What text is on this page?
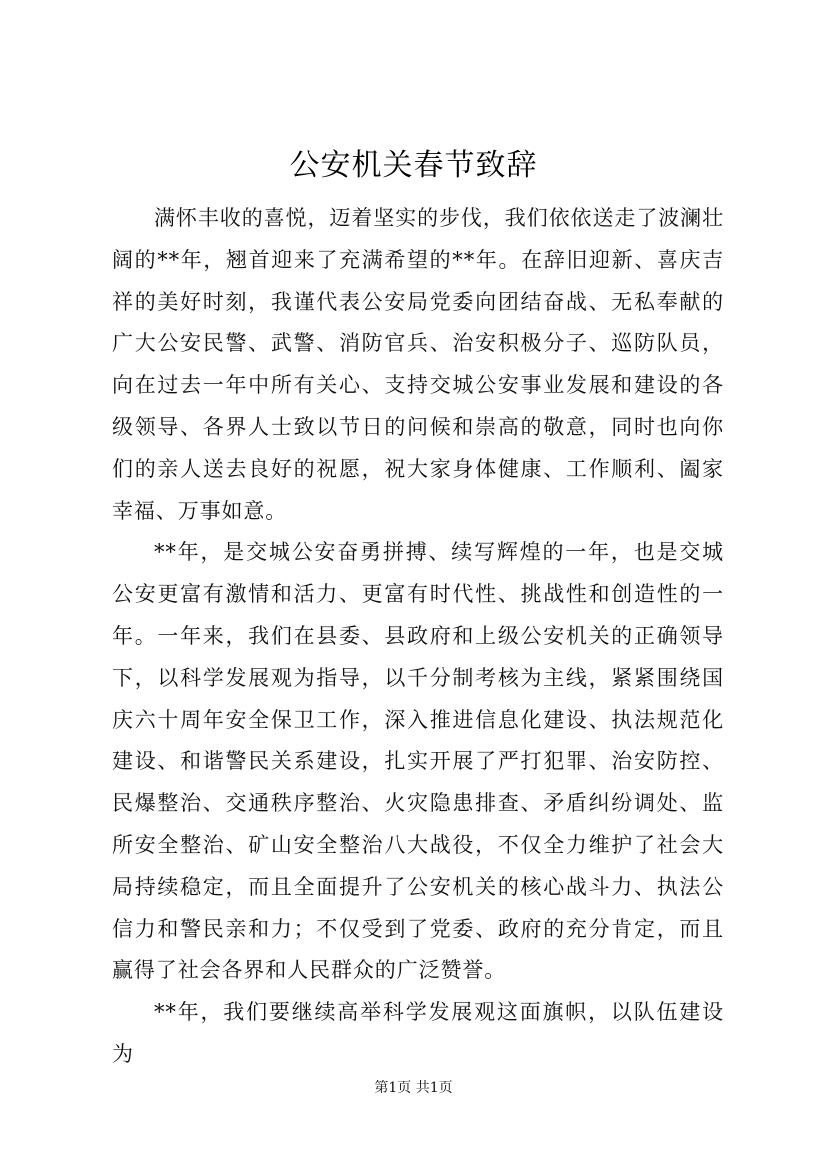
公安机关春节致辞

满怀丰收的喜悦，迈着坚实的步伐，我们依依送走了波澜壮阔的**年，翘首迎来了充满希望的**年。在辞旧迎新、喜庆吉祥的美好时刻，我谨代表公安局党委向团结奋战、无私奉献的广大公安民警、武警、消防官兵、治安积极分子、巡防队员，向在过去一年中所有关心、支持交城公安事业发展和建设的各级领导、各界人士致以节日的问候和崇高的敬意，同时也向你们的亲人送去良好的祝愿，祝大家身体健康、工作顺利、阖家幸福、万事如意。

**年，是交城公安奋勇拼搏、续写辉煌的一年，也是交城公安更富有激情和活力、更富有时代性、挑战性和创造性的一年。一年来，我们在县委、县政府和上级公安机关的正确领导下，以科学发展观为指导，以千分制考核为主线，紧紧围绕国庆六十周年安全保卫工作，深入推进信息化建设、执法规范化建设、和谐警民关系建设，扎实开展了严打犯罪、治安防控、民爆整治、交通秩序整治、火灾隐患排查、矛盾纠纷调处、监所安全整治、矿山安全整治八大战役，不仅全力维护了社会大局持续稳定，而且全面提升了公安机关的核心战斗力、执法公信力和警民亲和力；不仅受到了党委、政府的充分肯定，而且赢得了社会各界和人民群众的广泛赞誉。

**年，我们要继续高举科学发展观这面旗帜，以队伍建设为

第1页 共1页
